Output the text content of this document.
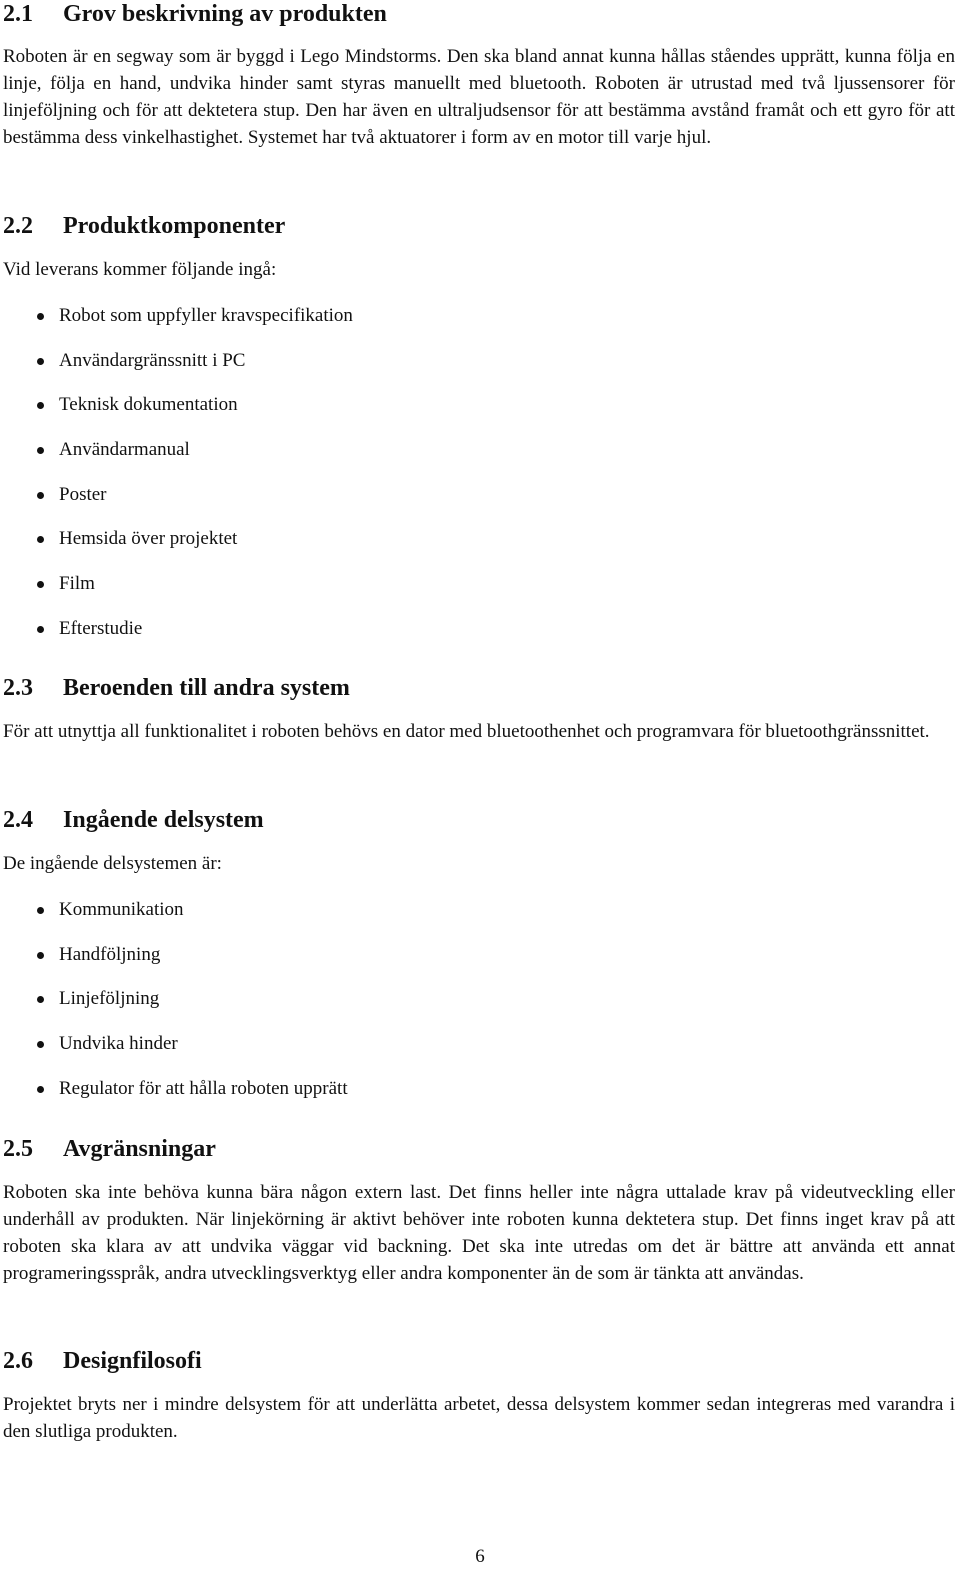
2.1 Grov beskrivning av produkten

Roboten är en segway som är byggd i Lego Mindstorms. Den ska bland annat kunna hållas ståendes upprätt, kunna följa en linje, följa en hand, undvika hinder samt styras manuellt med bluetooth. Roboten är utrustad med två ljussensorer för linjeföljning och för att dektetera stup. Den har även en ultraljudsensor för att bestämma avstånd framåt och ett gyro för att bestämma dess vinkelhastighet. Systemet har två aktuatorer i form av en motor till varje hjul.

2.2 Produktkomponenter

Vid leverans kommer följande ingå:

Robot som uppfyller kravspecifikation
Användargränssnitt i PC
Teknisk dokumentation
Användarmanual
Poster
Hemsida över projektet
Film
Efterstudie
2.3 Beroenden till andra system

För att utnyttja all funktionalitet i roboten behövs en dator med bluetoothenhet och programvara för bluetoothgränssnittet.

2.4 Ingående delsystem

De ingående delsystemen är:

Kommunikation
Handföljning
Linjeföljning
Undvika hinder
Regulator för att hålla roboten upprätt
2.5 Avgränsningar

Roboten ska inte behöva kunna bära någon extern last. Det finns heller inte några uttalade krav på videutveckling eller underhåll av produkten. När linjekörning är aktivt behöver inte roboten kunna dektetera stup. Det finns inget krav på att roboten ska klara av att undvika väggar vid backning. Det ska inte utredas om det är bättre att använda ett annat programeringsspråk, andra utvecklingsverktyg eller andra komponenter än de som är tänkta att användas.

2.6 Designfilosofi

Projektet bryts ner i mindre delsystem för att underlätta arbetet, dessa delsystem kommer sedan integreras med varandra i den slutliga produkten.

6
